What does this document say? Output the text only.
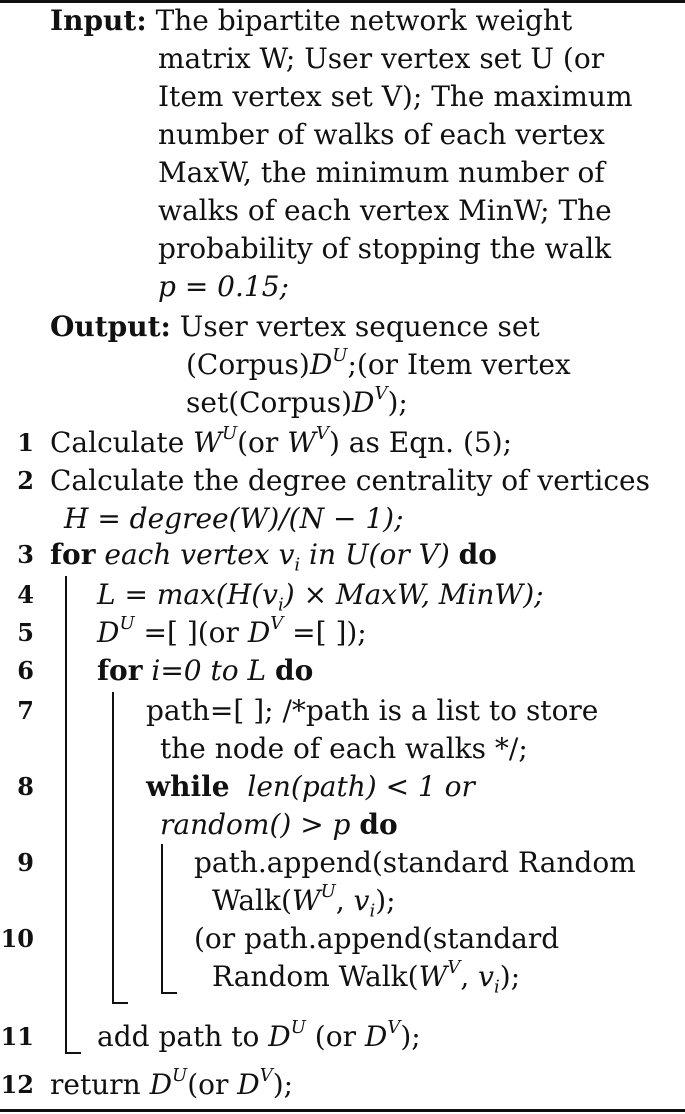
Input: The bipartite network weight
matrix W; User vertex set U (or
Item vertex set V); The maximum
number of walks of each vertex
MaxW, the minimum number of
walks of each vertex MinW; The
probability of stopping the walk
p = 0.15;
Output: User vertex sequence set
$(Corpus)D^U;(or$ Item vertex
$set(Corpus)D^V$);
1 Calculate $W^U(or$ $W^V$) as Eqn. (5);
2 Calculate the degree centrality of vertices
H = degree(W)/(N − 1);
3 for each vertex $v_i$ in U(or V) do
4 $L = \max(H(v_i)$ × MaxW, MinW);
5 $D^U$ =[ ](or $D^V$ =[ ]);
6 for i=0 to L do
7	path=[ ]; /*path is a list to store
the node of each walks */;
8	while len(path) < 1 or
random() > p do
9	path.append(standard Random
$Walk(W^U$, $v_i$);
10	(or path.append(standard
Random $Walk(W^V$, $v_i$);
11 add path to $D^U$ (or $D^V$);
12 return $D^U(or$ $D^V$);
